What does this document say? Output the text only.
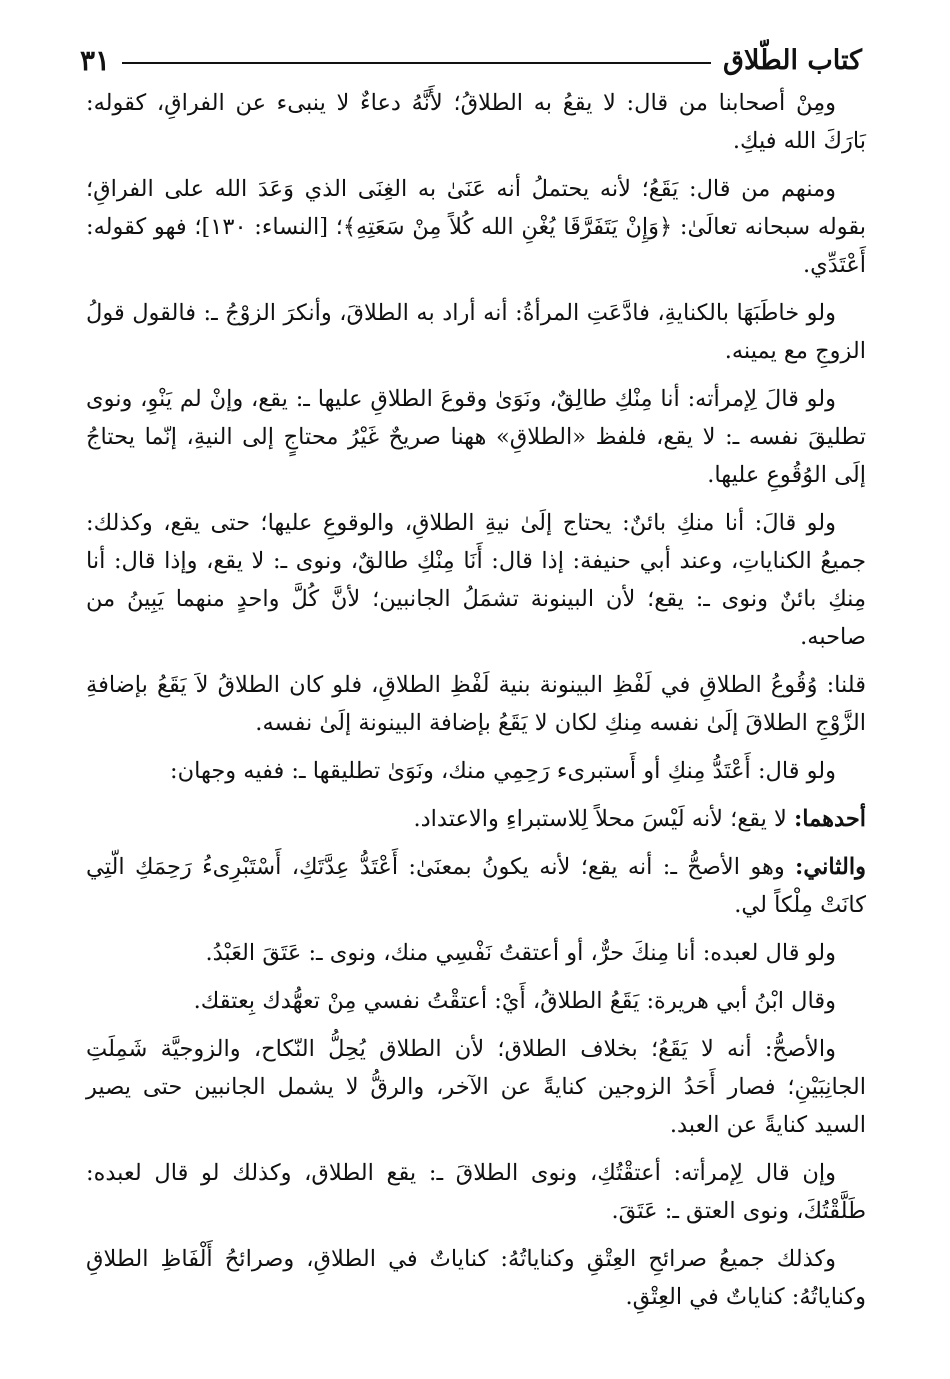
كتاب الطّلاق
٣١

ومِنْ أصحابنا من قال: لا يقعُ به الطلاقُ؛ لأَنَّهُ دعاءٌ لا ينبىء عن الفراقِ، كقوله: بَارَكَ الله فيكِ.

ومنهم من قال: يَقَعُ؛ لأنه يحتملُ أنه عَنَىٰ به الغِنَى الذي وَعَدَ الله على الفراقِ؛ بقوله سبحانه تعالَىٰ: ﴿وَإِنْ يَتَفَرَّقَا يُغْنِ الله كُلاً مِنْ سَعَتِهِ﴾؛ [النساء: ١٣٠]؛ فهو كقوله: أَعْتَدِّي.

ولو خاطَبَهَا بالكنايةِ، فادَّعَتِ المرأةُ: أنه أراد به الطلاقَ، وأنكرَ الزوْجُ ـ: فالقول قولُ الزوجِ مع يمينه.

ولو قالَ لِإمرأته: أنا مِنْكِ طالِقٌ، ونَوَىٰ وقوعَ الطلاقِ عليها ـ: يقع، وإنْ لم يَنْوِ، ونوى تطليقَ نفسه ـ: لا يقع، فلفظ «الطلاقِ» ههنا صريحٌ غَيْرُ محتاجٍ إلى النيةِ، إنّما يحتاجُ إلَى الوُقُوعِ عليها.

ولو قالَ: أنا منكِ بائنٌ: يحتاج إلَىٰ نيةِ الطلاقِ، والوقوعِ عليها؛ حتى يقع، وكذلك: جميعُ الكناياتِ، وعند أبي حنيفة: إذا قال: أَنَا مِنْكِ طالقٌ، ونوى ـ: لا يقع، وإذا قال: أنا مِنكِ بائنٌ ونوى ـ: يقع؛ لأن البينونة تشمَلُ الجانبين؛ لأنَّ كُلَّ واحدٍ منهما يَبِينُ من صاحبه.

قلنا: وُقُوعُ الطلاقِ في لَفْظِ البينونة بنية لَفْظِ الطلاقِ، فلو كان الطلاقُ لاَ يَقَعُ بإضافةِ الزَّوْجِ الطلاقَ إلَىٰ نفسه مِنكِ لكان لا يَقَعُ بإضافة البينونة إلَىٰ نفسه.

ولو قال: أَعْتَدُّ مِنكِ أو أَستبرىء رَحِمِي منك، ونَوَىٰ تطليقها ـ: ففيه وجهان:

أحدهما: لا يقع؛ لأنه لَيْسَ محلاً لِلاستبراءِ والاعتداد.

والثاني: وهو الأصحُّ ـ: أنه يقع؛ لأنه يكونُ بمعنَىٰ: أَعْتَدُّ عِدَّتَكِ، أَسْتَبْرِىءُ رَحِمَكِ الّتِي كانَتْ مِلْكاً لي.

ولو قال لعبده: أنا مِنكَ حرٌّ، أو أعتقتُ نَفْسِي منك، ونوى ـ: عَتَقَ العَبْدُ.

وقال ابْنُ أبي هريرة: يَقَعُ الطلاقُ، أَيْ: أعتقْتُ نفسي مِنْ تعهُّدك بِعتقك.

والأصحُّ: أنه لا يَقَعُ؛ بخلاف الطلاق؛ لأن الطلاق يُحِلُّ النّكاح، والزوجيَّة شَمِلَتِ الجانِبَيْنِ؛ فصار أَحَدُ الزوجين كنايةً عن الآخر، والرقُّ لا يشمل الجانبين حتى يصير السيد كنايةً عن العبد.

وإن قال لِإمرأته: أعتقْتُكِ، ونوى الطلاقَ ـ: يقع الطلاق، وكذلك لو قال لعبده: طَلَّقْتُكَ، ونوى العتق ـ: عَتَقَ.

وكذلك جميعُ صرائحِ العِتْقِ وكناياتُهُ: كناياتٌ في الطلاقِ، وصرائحُ أَلْفَاظِ الطلاقِ وكناياتُهُ: كناياتٌ في العِتْقِ.
